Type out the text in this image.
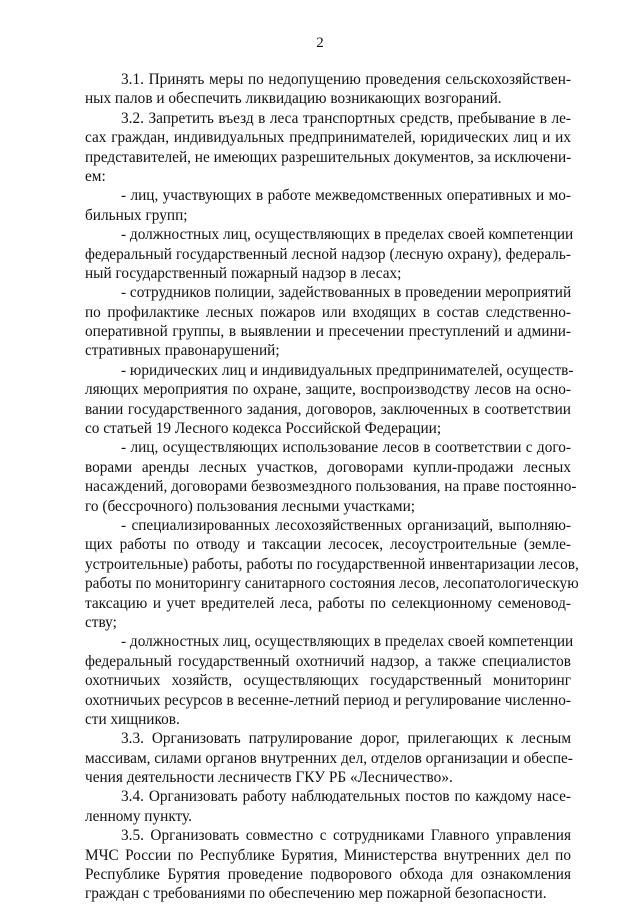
2
3.1. Принять меры по недопущению проведения сельскохозяйствен-
ных палов и обеспечить ликвидацию возникающих возгораний.
3.2. Запретить въезд в леса транспортных средств, пребывание в ле-
сах граждан, индивидуальных предпринимателей, юридических лиц и их
представителей, не имеющих разрешительных документов, за исключени-
ем:
- лиц, участвующих в работе межведомственных оперативных и мо-
бильных групп;
- должностных лиц, осуществляющих в пределах своей компетенции
федеральный государственный лесной надзор (лесную охрану), федераль-
ный государственный пожарный надзор в лесах;
- сотрудников полиции, задействованных в проведении мероприятий
по профилактике лесных пожаров или входящих в состав следственно-
оперативной группы, в выявлении и пресечении преступлений и админи-
стративных правонарушений;
- юридических лиц и индивидуальных предпринимателей, осуществ-
ляющих мероприятия по охране, защите, воспроизводству лесов на осно-
вании государственного задания, договоров, заключенных в соответствии
со статьей 19 Лесного кодекса Российской Федерации;
- лиц, осуществляющих использование лесов в соответствии с дого-
ворами аренды лесных участков, договорами купли-продажи лесных
насаждений, договорами безвозмездного пользования, на праве постоянно-
го (бессрочного) пользования лесными участками;
- специализированных лесохозяйственных организаций, выполняю-
щих работы по отводу и таксации лесосек, лесоустроительные (земле-
устроительные) работы, работы по государственной инвентаризации лесов,
работы по мониторингу санитарного состояния лесов, лесопатологическую
таксацию и учет вредителей леса, работы по селекционному семеновод-
ству;
- должностных лиц, осуществляющих в пределах своей компетенции
федеральный государственный охотничий надзор, а также специалистов
охотничьих хозяйств, осуществляющих государственный мониторинг
охотничьих ресурсов в весенне-летний период и регулирование численно-
сти хищников.
3.3. Организовать патрулирование дорог, прилегающих к лесным
массивам, силами органов внутренних дел, отделов организации и обеспе-
чения деятельности лесничеств ГКУ РБ «Лесничество».
3.4. Организовать работу наблюдательных постов по каждому насе-
ленному пункту.
3.5. Организовать совместно с сотрудниками Главного управления
МЧС России по Республике Бурятия, Министерства внутренних дел по
Республике Бурятия проведение подворового обхода для ознакомления
граждан с требованиями по обеспечению мер пожарной безопасности.
